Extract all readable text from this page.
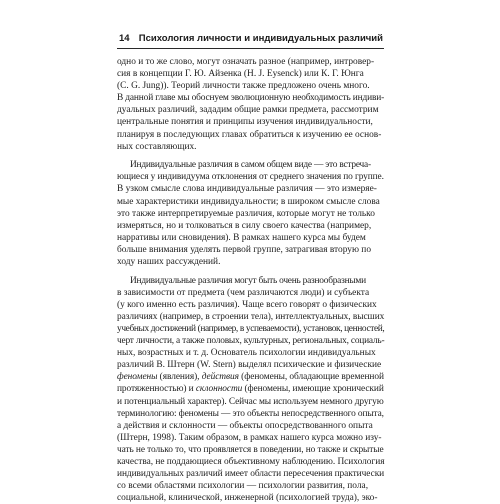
14 Психология личности и индивидуальных различий
одно и то же слово, могут означать разное (например, интровер-
сия в концепции Г. Ю. Айзенка (H. J. Eysenck) или К. Г. Юнга
(C. G. Jung)). Теорий личности также предложено очень много.
В данной главе мы обоснуем эволюционную необходимость индиви-
дуальных различий, зададим общие рамки предмета, рассмотрим
центральные понятия и принципы изучения индивидуальности,
планируя в последующих главах обратиться к изучению ее основ-
ных составляющих.
Индивидуальные различия в самом общем виде — это встреча-
ющиеся у индивидуума отклонения от среднего значения по группе.
В узком смысле слова индивидуальные различия — это измеряе-
мые характеристики индивидуальности; в широком смысле слова
это также интерпретируемые различия, которые могут не только
измеряться, но и толковаться в силу своего качества (например,
нарративы или сновидения). В рамках нашего курса мы будем
больше внимания уделять первой группе, затрагивая вторую по
ходу наших рассуждений.
Индивидуальные различия могут быть очень разнообразными
в зависимости от предмета (чем различаются люди) и субъекта
(у кого именно есть различия). Чаще всего говорят о физических
различиях (например, в строении тела), интеллектуальных, высших
учебных достижений (например, в успеваемости), установок, ценностей,
черт личности, а также половых, культурных, региональных, социаль-
ных, возрастных и т. д. Основатель психологии индивидуальных
различий В. Штерн (W. Stern) выделял психические и физические
феномены (явления), действия (феномены, обладающие временной
протяженностью) и склонности (феномены, имеющие хронический
и потенциальный характер). Сейчас мы используем немного другую
терминологию: феномены — это объекты непосредственного опыта,
а действия и склонности — объекты опосредствованного опыта
(Штерн, 1998). Таким образом, в рамках нашего курса можно изу-
чать не только то, что проявляется в поведении, но также и скрытые
качества, не поддающиеся объективному наблюдению. Психология
индивидуальных различий имеет области пересечения практически
со всеми областями психологии — психологии развития, пола,
социальной, клинической, инженерной (психологией труда), эко-
